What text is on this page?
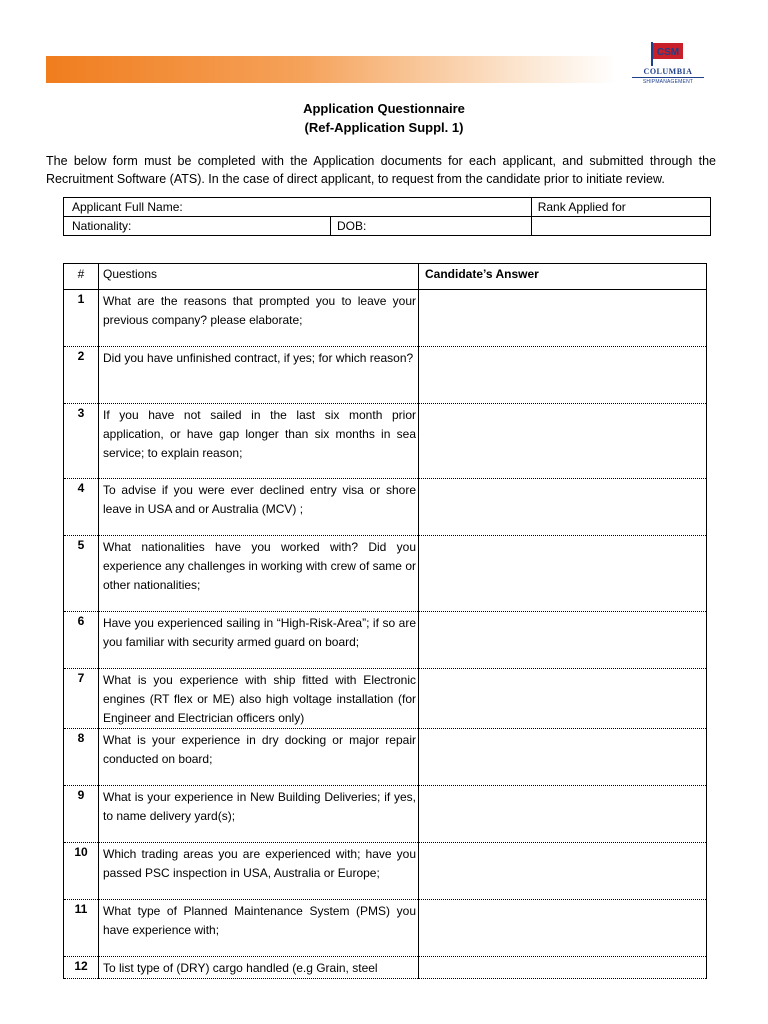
CSM
COLUMBIA
SHIPMANAGEMENT
Application Questionnaire
(Ref-Application Suppl. 1)
The below form must be completed with the Application documents for each applicant, and submitted through the Recruitment Software (ATS). In the case of direct applicant, to request from the candidate prior to initiate review.
Applicant Full Name:		Rank Applied for
Nationality:	DOB:	
#	Questions	Candidate’s Answer
1	What are the reasons that prompted you to leave your previous company? please elaborate;	
2	Did you have unfinished contract, if yes; for which reason?	
3	If you have not sailed in the last six month prior application, or have gap longer than six months in sea service; to explain reason;	
4	To advise if you were ever declined entry visa or shore leave in USA and or Australia (MCV) ;	
5	What nationalities have you worked with? Did you experience any challenges in working with crew of same or other nationalities;	
6	Have you experienced sailing in “High-Risk-Area”; if so are you familiar with security armed guard on board;	
7	What is you experience with ship fitted with Electronic engines (RT flex or ME) also high voltage installation (for Engineer and Electrician officers only)	
8	What is your experience in dry docking or major repair conducted on board;	
9	What is your experience in New Building Deliveries; if yes, to name delivery yard(s);	
10	Which trading areas you are experienced with; have you passed PSC inspection in USA, Australia or Europe;	
11	What type of Planned Maintenance System (PMS) you have experience with;	
12	To list type of (DRY) cargo handled (e.g Grain, steel	
